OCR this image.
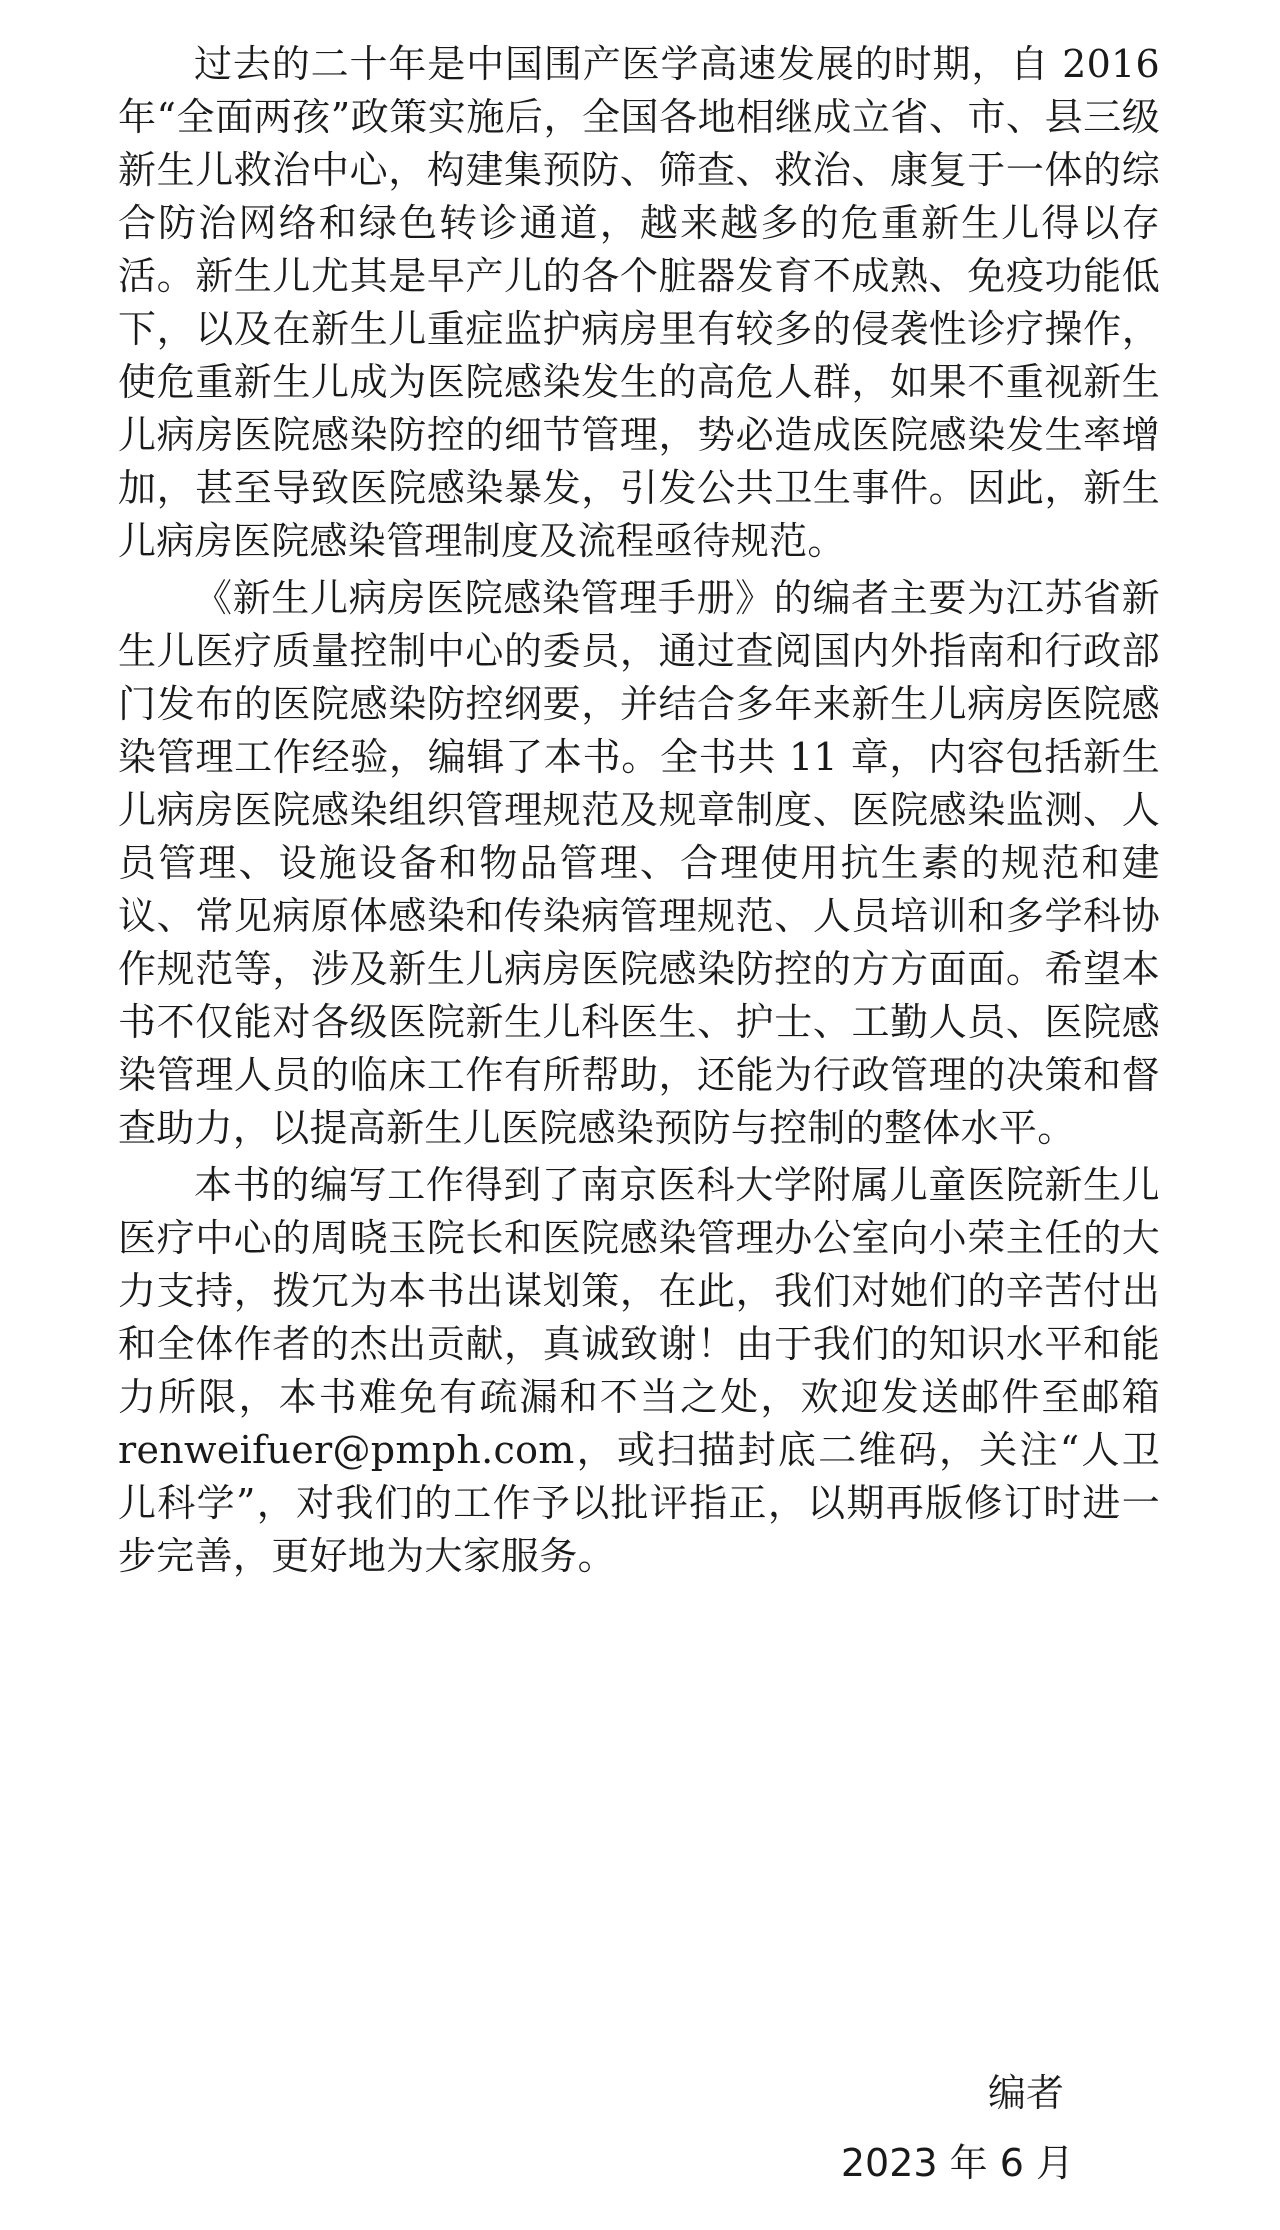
过去的二十年是中国围产医学高速发展的时期，自 2016 年“全面两孩”政策实施后，全国各地相继成立省、市、县三级新生儿救治中心，构建集预防、筛查、救治、康复于一体的综合防治网络和绿色转诊通道，越来越多的危重新生儿得以存活。新生儿尤其是早产儿的各个脏器发育不成熟、免疫功能低下，以及在新生儿重症监护病房里有较多的侵袭性诊疗操作，使危重新生儿成为医院感染发生的高危人群，如果不重视新生儿病房医院感染防控的细节管理，势必造成医院感染发生率增加，甚至导致医院感染暴发，引发公共卫生事件。因此，新生儿病房医院感染管理制度及流程亟待规范。

《新生儿病房医院感染管理手册》的编者主要为江苏省新生儿医疗质量控制中心的委员，通过查阅国内外指南和行政部门发布的医院感染防控纲要，并结合多年来新生儿病房医院感染管理工作经验，编辑了本书。全书共 11 章，内容包括新生儿病房医院感染组织管理规范及规章制度、医院感染监测、人员管理、设施设备和物品管理、合理使用抗生素的规范和建议、常见病原体感染和传染病管理规范、人员培训和多学科协作规范等，涉及新生儿病房医院感染防控的方方面面。希望本书不仅能对各级医院新生儿科医生、护士、工勤人员、医院感染管理人员的临床工作有所帮助，还能为行政管理的决策和督查助力，以提高新生儿医院感染预防与控制的整体水平。

本书的编写工作得到了南京医科大学附属儿童医院新生儿医疗中心的周晓玉院长和医院感染管理办公室向小荣主任的大力支持，拨冗为本书出谋划策，在此，我们对她们的辛苦付出和全体作者的杰出贡献，真诚致谢！由于我们的知识水平和能力所限，本书难免有疏漏和不当之处，欢迎发送邮件至邮箱 renweifuer@pmph.com，或扫描封底二维码，关注“人卫儿科学”，对我们的工作予以批评指正，以期再版修订时进一步完善，更好地为大家服务。

编者
2023 年 6 月
